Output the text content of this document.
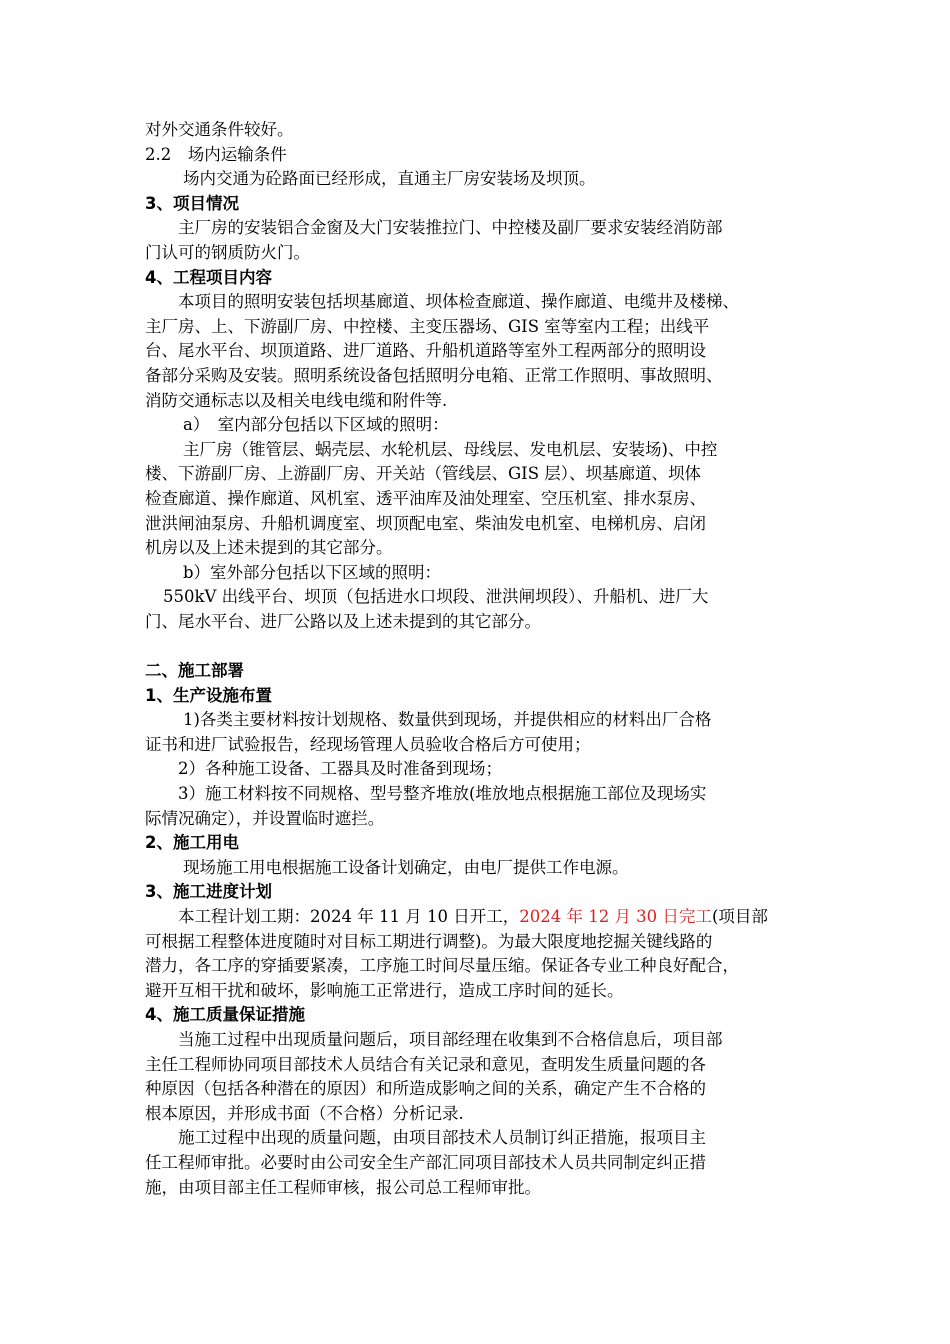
对外交通条件较好。
2.2　场内运输条件
场内交通为砼路面已经形成，直通主厂房安装场及坝顶。
3、项目情况
主厂房的安装铝合金窗及大门安装推拉门、中控楼及副厂要求安装经消防部
门认可的钢质防火门。
4、工程项目内容
本项目的照明安装包括坝基廊道、坝体检查廊道、操作廊道、电缆井及楼梯、
主厂房、上、下游副厂房、中控楼、主变压器场、GIS 室等室内工程；出线平
台、尾水平台、坝顶道路、进厂道路、升船机道路等室外工程两部分的照明设
备部分采购及安装。照明系统设备包括照明分电箱、正常工作照明、事故照明、
消防交通标志以及相关电线电缆和附件等.
a）　室内部分包括以下区域的照明：
主厂房（锥管层、蜗壳层、水轮机层、母线层、发电机层、安装场)、中控
楼、下游副厂房、上游副厂房、开关站（管线层、GIS 层）、坝基廊道、坝体
检查廊道、操作廊道、风机室、透平油库及油处理室、空压机室、排水泵房、
泄洪闸油泵房、升船机调度室、坝顶配电室、柴油发电机室、电梯机房、启闭
机房以及上述未提到的其它部分。
b）室外部分包括以下区域的照明：
550kV 出线平台、坝顶（包括进水口坝段、泄洪闸坝段）、升船机、进厂大
门、尾水平台、进厂公路以及上述未提到的其它部分。
二、施工部署
1、生产设施布置
1)各类主要材料按计划规格、数量供到现场，并提供相应的材料出厂合格
证书和进厂试验报告，经现场管理人员验收合格后方可使用；
2）各种施工设备、工器具及时准备到现场；
3）施工材料按不同规格、型号整齐堆放(堆放地点根据施工部位及现场实
际情况确定），并设置临时遮拦。
2、施工用电
现场施工用电根据施工设备计划确定，由电厂提供工作电源。
3、施工进度计划
本工程计划工期：2024 年 11 月 10 日开工，2024 年 12 月 30 日完工(项目部
可根据工程整体进度随时对目标工期进行调整)。为最大限度地挖掘关键线路的
潜力，各工序的穿插要紧凑，工序施工时间尽量压缩。保证各专业工种良好配合，
避开互相干扰和破坏，影响施工正常进行，造成工序时间的延长。
4、施工质量保证措施
当施工过程中出现质量问题后，项目部经理在收集到不合格信息后，项目部
主任工程师协同项目部技术人员结合有关记录和意见，查明发生质量问题的各
种原因（包括各种潜在的原因）和所造成影响之间的关系，确定产生不合格的
根本原因，并形成书面（不合格）分析记录.
施工过程中出现的质量问题，由项目部技术人员制订纠正措施，报项目主
任工程师审批。必要时由公司安全生产部汇同项目部技术人员共同制定纠正措
施，由项目部主任工程师审核，报公司总工程师审批。
